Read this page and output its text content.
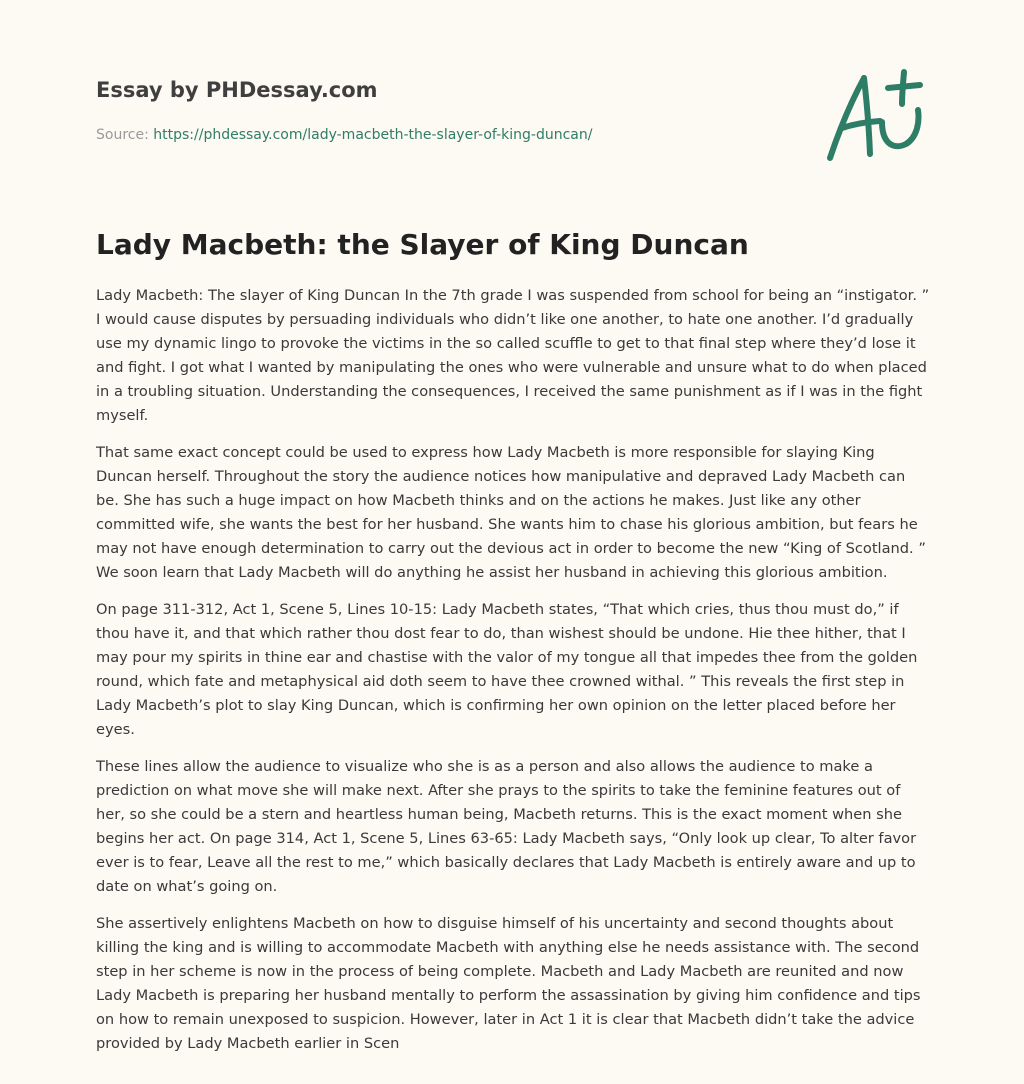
Essay by PHDessay.com
Source: https://phdessay.com/lady-macbeth-the-slayer-of-king-duncan/
Lady Macbeth: the Slayer of King Duncan

Lady Macbeth: The slayer of King Duncan In the 7th grade I was suspended from school for being an “instigator. ” I would cause disputes by persuading individuals who didn’t like one another, to hate one another. I’d gradually use my dynamic lingo to provoke the victims in the so called scuffle to get to that final step where they’d lose it and fight. I got what I wanted by manipulating the ones who were vulnerable and unsure what to do when placed in a troubling situation. Understanding the consequences, I received the same punishment as if I was in the fight myself.

That same exact concept could be used to express how Lady Macbeth is more responsible for slaying King Duncan herself. Throughout the story the audience notices how manipulative and depraved Lady Macbeth can be. She has such a huge impact on how Macbeth thinks and on the actions he makes. Just like any other committed wife, she wants the best for her husband. She wants him to chase his glorious ambition, but fears he may not have enough determination to carry out the devious act in order to become the new “King of Scotland. ” We soon learn that Lady Macbeth will do anything he assist her husband in achieving this glorious ambition.

On page 311-312, Act 1, Scene 5, Lines 10-15: Lady Macbeth states, “That which cries, thus thou must do,” if thou have it, and that which rather thou dost fear to do, than wishest should be undone. Hie thee hither, that I may pour my spirits in thine ear and chastise with the valor of my tongue all that impedes thee from the golden round, which fate and metaphysical aid doth seem to have thee crowned withal. ” This reveals the first step in Lady Macbeth’s plot to slay King Duncan, which is confirming her own opinion on the letter placed before her eyes.

These lines allow the audience to visualize who she is as a person and also allows the audience to make a prediction on what move she will make next. After she prays to the spirits to take the feminine features out of her, so she could be a stern and heartless human being, Macbeth returns. This is the exact moment when she begins her act. On page 314, Act 1, Scene 5, Lines 63-65: Lady Macbeth says, “Only look up clear, To alter favor ever is to fear, Leave all the rest to me,” which basically declares that Lady Macbeth is entirely aware and up to date on what’s going on.

She assertively enlightens Macbeth on how to disguise himself of his uncertainty and second thoughts about killing the king and is willing to accommodate Macbeth with anything else he needs assistance with. The second step in her scheme is now in the process of being complete. Macbeth and Lady Macbeth are reunited and now Lady Macbeth is preparing her husband mentally to perform the assassination by giving him confidence and tips on how to remain unexposed to suspicion. However, later in Act 1 it is clear that Macbeth didn’t take the advice provided by Lady Macbeth earlier in Scen
